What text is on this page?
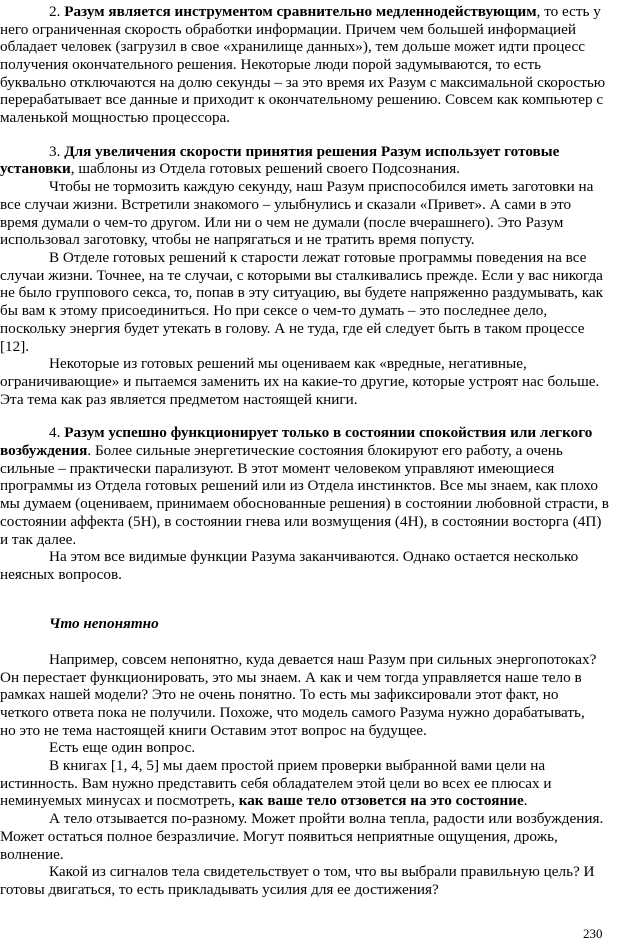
2. Разум является инструментом сравнительно медленнодействующим, то есть у
него ограниченная скорость обработки информации. Причем чем большей информацией
обладает человек (загрузил в свое «хранилище данных»), тем дольше может идти процесс
получения окончательного решения. Некоторые люди порой задумываются, то есть
буквально отключаются на долю секунды – за это время их Разум с максимальной скоростью
перерабатывает все данные и приходит к окончательному решению. Совсем как компьютер с
маленькой мощностью процессора.
3. Для увеличения скорости принятия решения Разум использует готовые
установки, шаблоны из Отдела готовых решений своего Подсознания.
Чтобы не тормозить каждую секунду, наш Разум приспособился иметь заготовки на
все случаи жизни. Встретили знакомого – улыбнулись и сказали «Привет». А сами в это
время думали о чем-то другом. Или ни о чем не думали (после вчерашнего). Это Разум
использовал заготовку, чтобы не напрягаться и не тратить время попусту.
В Отделе готовых решений к старости лежат готовые программы поведения на все
случаи жизни. Точнее, на те случаи, с которыми вы сталкивались прежде. Если у вас никогда
не было группового секса, то, попав в эту ситуацию, вы будете напряженно раздумывать, как
бы вам к этому присоединиться. Но при сексе о чем-то думать – это последнее дело,
поскольку энергия будет утекать в голову. А не туда, где ей следует быть в таком процессе
[12].
Некоторые из готовых решений мы оцениваем как «вредные, негативные,
ограничивающие» и пытаемся заменить их на какие-то другие, которые устроят нас больше.
Эта тема как раз является предметом настоящей книги.
4. Разум успешно функционирует только в состоянии спокойствия или легкого
возбуждения. Более сильные энергетические состояния блокируют его работу, а очень
сильные – практически парализуют. В этот момент человеком управляют имеющиеся
программы из Отдела готовых решений или из Отдела инстинктов. Все мы знаем, как плохо
мы думаем (оцениваем, принимаем обоснованные решения) в состоянии любовной страсти, в
состоянии аффекта (5Н), в состоянии гнева или возмущения (4Н), в состоянии восторга (4П)
и так далее.
На этом все видимые функции Разума заканчиваются. Однако остается несколько
неясных вопросов.
Что непонятно
Например, совсем непонятно, куда девается наш Разум при сильных энергопотоках?
Он перестает функционировать, это мы знаем. А как и чем тогда управляется наше тело в
рамках нашей модели? Это не очень понятно. То есть мы зафиксировали этот факт, но
четкого ответа пока не получили. Похоже, что модель самого Разума нужно дорабатывать,
но это не тема настоящей книги Оставим этот вопрос на будущее.
Есть еще один вопрос.
В книгах [1, 4, 5] мы даем простой прием проверки выбранной вами цели на
истинность. Вам нужно представить себя обладателем этой цели во всех ее плюсах и
неминуемых минусах и посмотреть, как ваше тело отзовется на это состояние.
А тело отзывается по-разному. Может пройти волна тепла, радости или возбуждения.
Может остаться полное безразличие. Могут появиться неприятные ощущения, дрожь,
волнение.
Какой из сигналов тела свидетельствует о том, что вы выбрали правильную цель? И
готовы двигаться, то есть прикладывать усилия для ее достижения?
230
